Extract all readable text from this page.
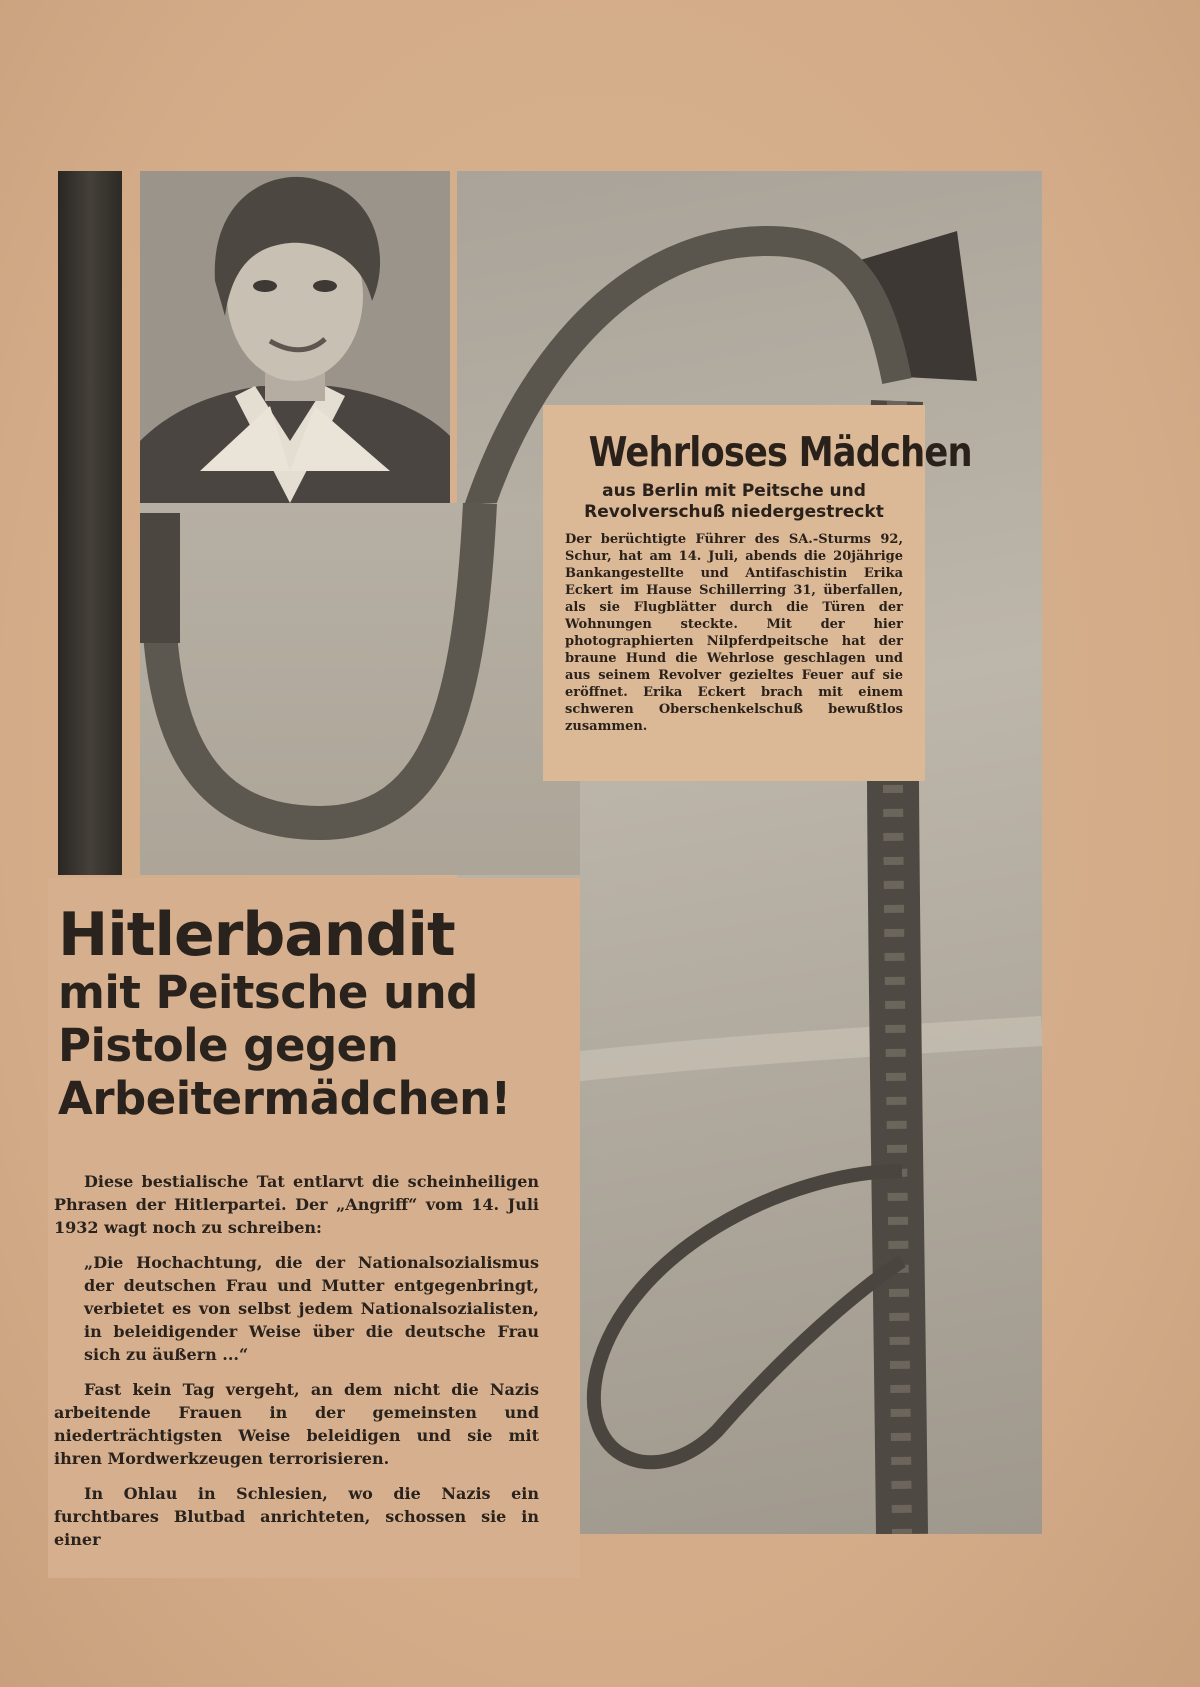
Wehrloses Mädchen
aus Berlin mit Peitsche und Revolverschuß niedergestreckt

Der berüchtigte Führer des SA.-Sturms 92, Schur, hat am 14. Juli, abends die 20jährige Bankangestellte und Antifaschistin Erika Eckert im Hause Schillerring 31, überfallen, als sie Flugblätter durch die Türen der Wohnungen steckte. Mit der hier photographierten Nilpferdpeitsche hat der braune Hund die Wehrlose geschlagen und aus seinem Revolver gezieltes Feuer auf sie eröffnet. Erika Eckert brach mit einem schweren Oberschenkelschuß bewußtlos zusammen.

Hitlerbandit
mit Peitsche und
Pistole gegen
Arbeitermädchen!

Diese bestialische Tat entlarvt die scheinheiligen Phrasen der Hitlerpartei. Der „Angriff“ vom 14. Juli 1932 wagt noch zu schreiben:

„Die Hochachtung, die der Nationalsozialismus der deutschen Frau und Mutter entgegenbringt, verbietet es von selbst jedem Nationalsozialisten, in beleidigender Weise über die deutsche Frau sich zu äußern ...“

Fast kein Tag vergeht, an dem nicht die Nazis arbeitende Frauen in der gemeinsten und niederträchtigsten Weise beleidigen und sie mit ihren Mordwerkzeugen terrorisieren.

In Ohlau in Schlesien, wo die Nazis ein furchtbares Blutbad anrichteten, schossen sie in einer
